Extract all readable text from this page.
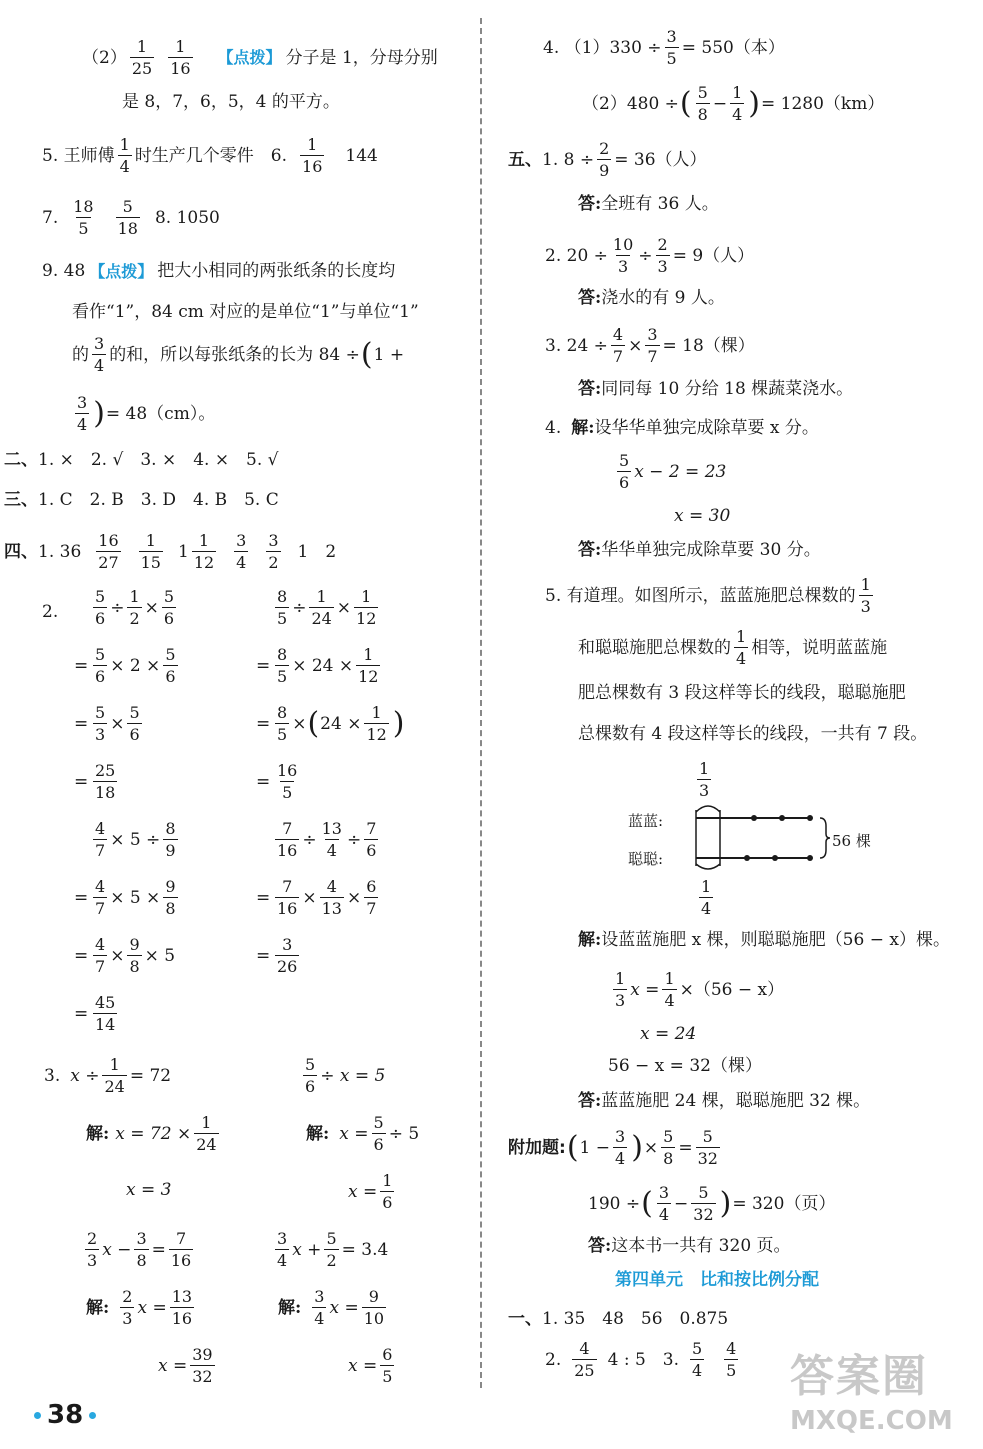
$(2) \frac{1}{25} \frac{1}{16}$ 【点拨】 分子是 1，分母分别
是 8，7，6，5，4 的平方。
5. 王师傅 $\frac{1}{4}$ 时生产几个零件　6. $\frac{1}{16} 144$
7. $\frac{18}{5} \frac{5}{18} 8$. 1050
9. 48 【点拨】 把大小相同的两张纸条的长度均
看作“1”，84 cm 对应的是单位“1”与单位“1”
的 $\frac{3}{4}$ 的和，所以每张纸条的长为 84 ÷ ( 1 +
$\frac{3}{4}$ ) = 48（cm）。
二、 1. ×　2. √　3. ×　4. ×　5. √
三、 1. C　2. B　3. D　4. B　5. C
四、 1. $36 \frac{16}{27} \frac{1}{15} 1 \frac{1}{12} \frac{3}{4} \frac{3}{2} 1$　2
2. $\frac{5}{6} \div \frac{1}{2} \times \frac{5}{6}$
= $\frac{5}{6} \times 2 \times \frac{5}{6}$
= $\frac{5}{3} \times \frac{5}{6}$
= $\frac{25}{18}$
$\frac{8}{5} \div \frac{1}{24} \times \frac{1}{12}$
= $\frac{8}{5} \times 24 \times \frac{1}{12}$
= $\frac{8}{5}$ × ( $24 \times \frac{1}{12}$ )
= $\frac{16}{5}$
$\frac{4}{7} \times 5 \div \frac{8}{9}$
= $\frac{4}{7} \times 5 \times \frac{9}{8}$
= $\frac{4}{7} \times \frac{9}{8} \times 5$
= $\frac{45}{14}$
$\frac{7}{16} \div \frac{13}{4} \div \frac{7}{6}$
= $\frac{7}{16} \times \frac{4}{13} \times \frac{6}{7}$
= $\frac{3}{26}$
3. $x \div \frac{1}{24} = 72$	$\frac{5}{6} \div x = 5$
解: $x = 72 \times \frac{1}{24}$	解: $x = \frac{5}{6} \div 5$
x = 3	$x = \frac{1}{6}$
$\frac{2}{3}$ $x - \frac{3}{8} = \frac{7}{16}$	$\frac{3}{4}$ $x + \frac{5}{2} = 3.4$
解: $\frac{2}{3}$ $x = \frac{13}{16}$	解: $\frac{3}{4}$ $x = \frac{9}{10}$
$x = \frac{39}{32}$	$x = \frac{6}{5}$
4. $(1)330 \div \frac{3}{5} = 550$（本）
（2）480 ÷ ( $\frac{5}{8} - \frac{1}{4}$ ) = 1280（km）
五、 1. $8 \div \frac{2}{9} = 36$（人）
答: 全班有 36 人。
2. $20 \div \frac{10}{3} \div \frac{2}{3} = 9$（人）
答: 浇水的有 9 人。
3. $24 \div \frac{4}{7} \times \frac{3}{7} = 18$（棵）
答: 同同每 10 分给 18 棵蔬菜浇水。
4. 解: 设华华单独完成除草要 x 分。
$\frac{5}{6}$ x − 2 = 23
x = 30
答: 华华单独完成除草要 30 分。
5. 有道理。如图所示，蓝蓝施肥总棵数的 $\frac{1}{3}$
和聪聪施肥总棵数的 $\frac{1}{4}$ 相等，说明蓝蓝施
肥总棵数有 3 段这样等长的线段，聪聪施肥
总棵数有 4 段这样等长的线段，一共有 7 段。
$\frac{1}{3}$
蓝蓝:
聪聪:
56 棵
$\frac{1}{4}$
解: 设蓝蓝施肥 x 棵，则聪聪施肥（56 − x）棵。
$\frac{1}{3}$ $x = \frac{1}{4} \times(56 - x)$
x = 24
56 − x = 32（棵）
答: 蓝蓝施肥 24 棵，聪聪施肥 32 棵。
附加题: ( $1 - \frac{3}{4}$ ) × $\frac{5}{8} = \frac{5}{32}$
190 ÷ ( $\frac{3}{4} - \frac{5}{32}$ ) = 320（页）
答: 这本书一共有 320 页。
第四单元　比和按比例分配
一、 1. 35　48　56　0.875
2. $\frac{4}{25} 4$ : 5　3. $\frac{5}{4} \frac{4}{5}$
38
答案圈
MXQE.COM
